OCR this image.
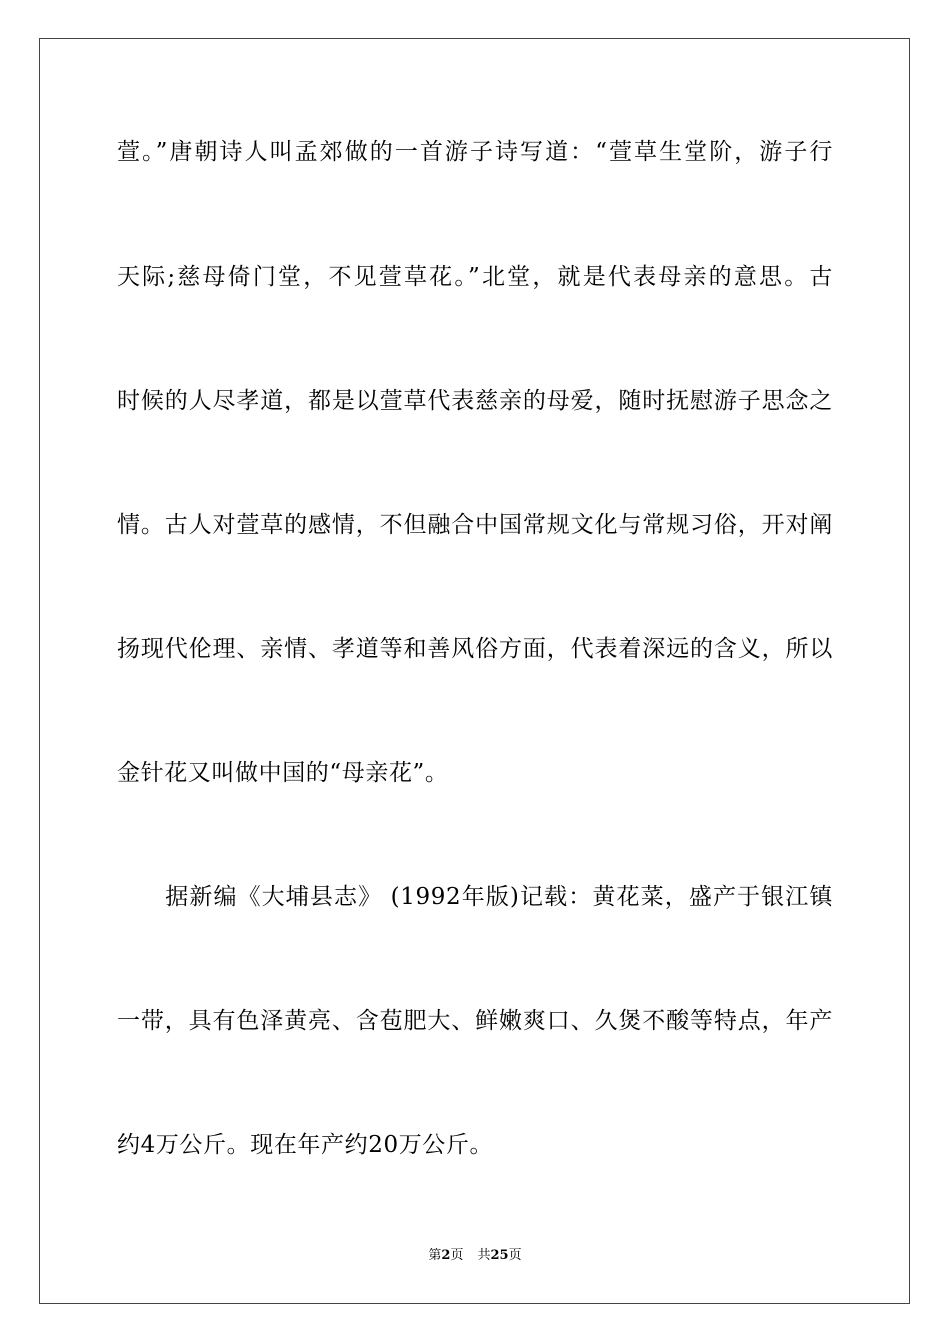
萱。”唐朝诗人叫孟郊做的一首游子诗写道：“萱草生堂阶，游子行
天际;慈母倚门堂，不见萱草花。”北堂，就是代表母亲的意思。古
时候的人尽孝道，都是以萱草代表慈亲的母爱，随时抚慰游子思念之
情。古人对萱草的感情，不但融合中国常规文化与常规习俗，开对阐
扬现代伦理、亲情、孝道等和善风俗方面，代表着深远的含义，所以
金针花又叫做中国的“母亲花”。
　　据新编《大埔县志》 (1992年版)记载：黄花菜，盛产于银江镇
一带，具有色泽黄亮、含苞肥大、鲜嫩爽口、久煲不酸等特点，年产
约4万公斤。现在年产约20万公斤。
第2页 共25页
